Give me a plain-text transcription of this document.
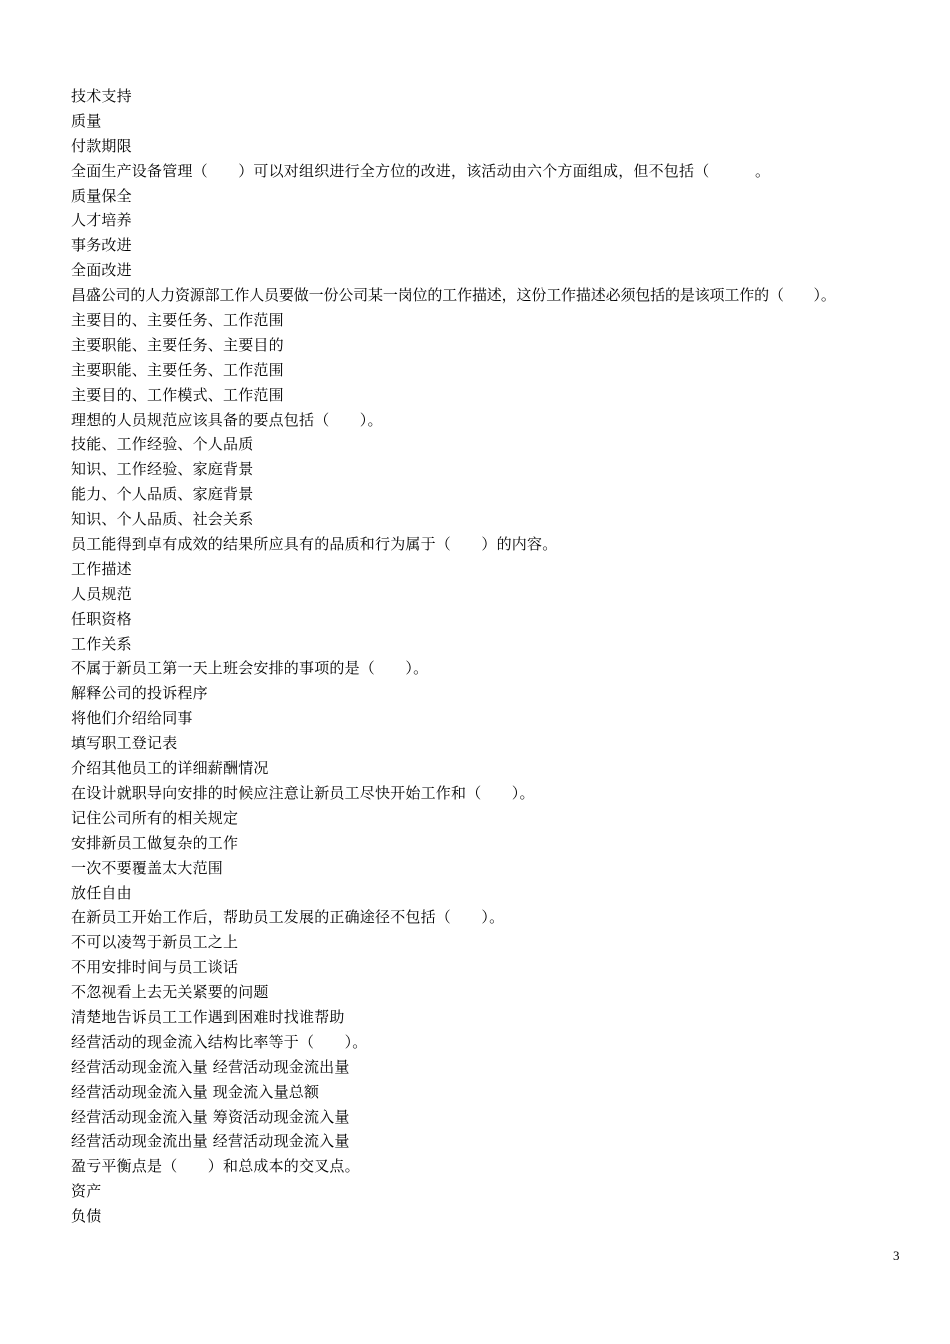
技术支持
质量
付款期限
全面生产设备管理（　　）可以对组织进行全方位的改进，该活动由六个方面组成，但不包括（　　　。
质量保全
人才培养
事务改进
全面改进
昌盛公司的人力资源部工作人员要做一份公司某一岗位的工作描述，这份工作描述必须包括的是该项工作的（　　）。
主要目的、主要任务、工作范围
主要职能、主要任务、主要目的
主要职能、主要任务、工作范围
主要目的、工作模式、工作范围
理想的人员规范应该具备的要点包括（　　）。
技能、工作经验、个人品质
知识、工作经验、家庭背景
能力、个人品质、家庭背景
知识、个人品质、社会关系
员工能得到卓有成效的结果所应具有的品质和行为属于（　　）的内容。
工作描述
人员规范
任职资格
工作关系
不属于新员工第一天上班会安排的事项的是（　　）。
解释公司的投诉程序
将他们介绍给同事
填写职工登记表
介绍其他员工的详细薪酬情况
在设计就职导向安排的时候应注意让新员工尽快开始工作和（　　）。
记住公司所有的相关规定
安排新员工做复杂的工作
一次不要覆盖太大范围
放任自由
在新员工开始工作后，帮助员工发展的正确途径不包括（　　）。
不可以凌驾于新员工之上
不用安排时间与员工谈话
不忽视看上去无关紧要的问题
清楚地告诉员工工作遇到困难时找谁帮助
经营活动的现金流入结构比率等于（　　）。
经营活动现金流入量 经营活动现金流出量
经营活动现金流入量 现金流入量总额
经营活动现金流入量 筹资活动现金流入量
经营活动现金流出量 经营活动现金流入量
盈亏平衡点是（　　）和总成本的交叉点。
资产
负债
3
